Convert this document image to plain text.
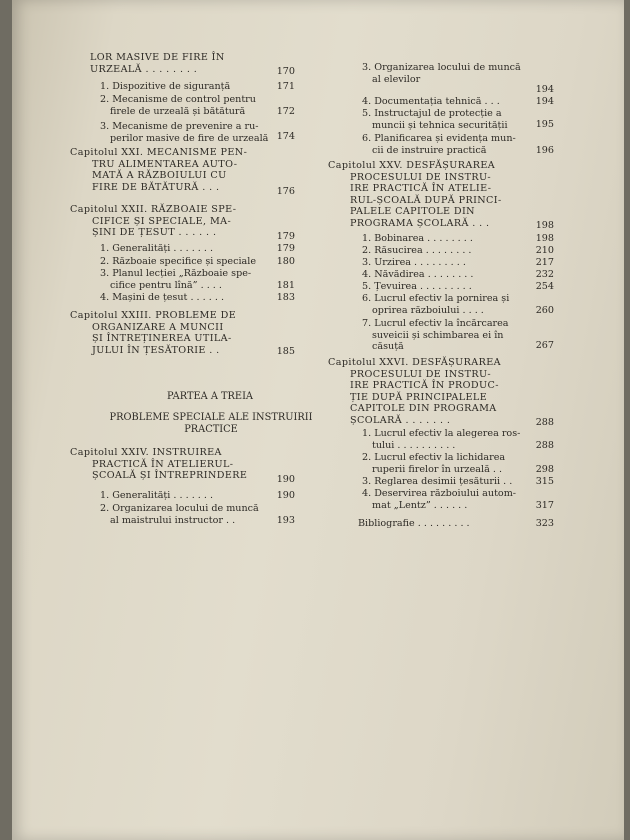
LOR MASIVE DE FIRE ÎN
URZEALĂ . . . . . . . .	170
1. Dispozitive de siguranță	171
2. Mecanisme de control pentru
firele de urzeală și bătătură	172
3. Mecanisme de prevenire a ru-
perilor masive de fire de urzeală 174
Capitolul XXI. MECANISME PEN-
TRU ALIMENTAREA AUTO-
MATĂ A RĂZBOIULUI CU
FIRE DE BĂTĂTURĂ . . .	176
Capitolul XXII. RĂZBOAIE SPE-
CIFICE ȘI SPECIALE, MA-
ȘINI DE ȚESUT . . . . . .	179
1. Generalități . . . . . . .	179
2. Războaie specifice și speciale	180
3. Planul lecției „Războaie spe-
cifice pentru lînă” . . . .	181
4. Mașini de țesut . . . . . .	183
Capitolul XXIII. PROBLEME DE
ORGANIZARE A MUNCII
ȘI ÎNTREȚINEREA UTILA-
JULUI ÎN ȚESĂTORIE . .	185
Capitolul XXIV. INSTRUIREA
PRACTICĂ ÎN ATELIERUL-
ȘCOALĂ ȘI ÎNTREPRINDERE	190
1. Generalități . . . . . . .	190
2. Organizarea locului de muncă
al maistrului instructor . .	193
3. Organizarea locului de muncă
al elevilor
194
4. Documentația tehnică . . .	194
5. Instructajul de protecție a
muncii și tehnica securității	195
6. Planificarea și evidența mun-
cii de instruire practică	196
Capitolul XXV. DESFĂȘURAREA
PROCESULUI DE INSTRU-
IRE PRACTICĂ ÎN ATELIE-
RUL-ȘCOALĂ DUPĂ PRINCI-
PALELE CAPITOLE DIN
PROGRAMA ȘCOLARĂ . . .	198
1. Bobinarea . . . . . . . .	198
2. Răsucirea . . . . . . . .	210
3. Urzirea . . . . . . . . .	217
4. Năvădirea . . . . . . . .	232
5. Țevuirea . . . . . . . . .	254
6. Lucrul efectiv la pornirea și
oprirea războiului . . . .	260
7. Lucrul efectiv la încărcarea
suveicii și schimbarea ei în
căsuță	267
Capitolul XXVI. DESFĂȘURAREA
PROCESULUI DE INSTRU-
IRE PRACTICĂ ÎN PRODUC-
ȚIE DUPĂ PRINCIPALELE
CAPITOLE DIN PROGRAMA
ȘCOLARĂ . . . . . . .	288
1. Lucrul efectiv la alegerea ros-
tului . . . . . . . . . .	288
2. Lucrul efectiv la lichidarea
ruperii firelor în urzeală . .	298
3. Reglarea desimii țesăturii . .	315
4. Deservirea războiului autom-
mat „Lentz” . . . . . .	317
Bibliografie . . . . . . . . .	323
PARTEA A TREIA
PROBLEME SPECIALE ALE INSTRUIRII
PRACTICE
